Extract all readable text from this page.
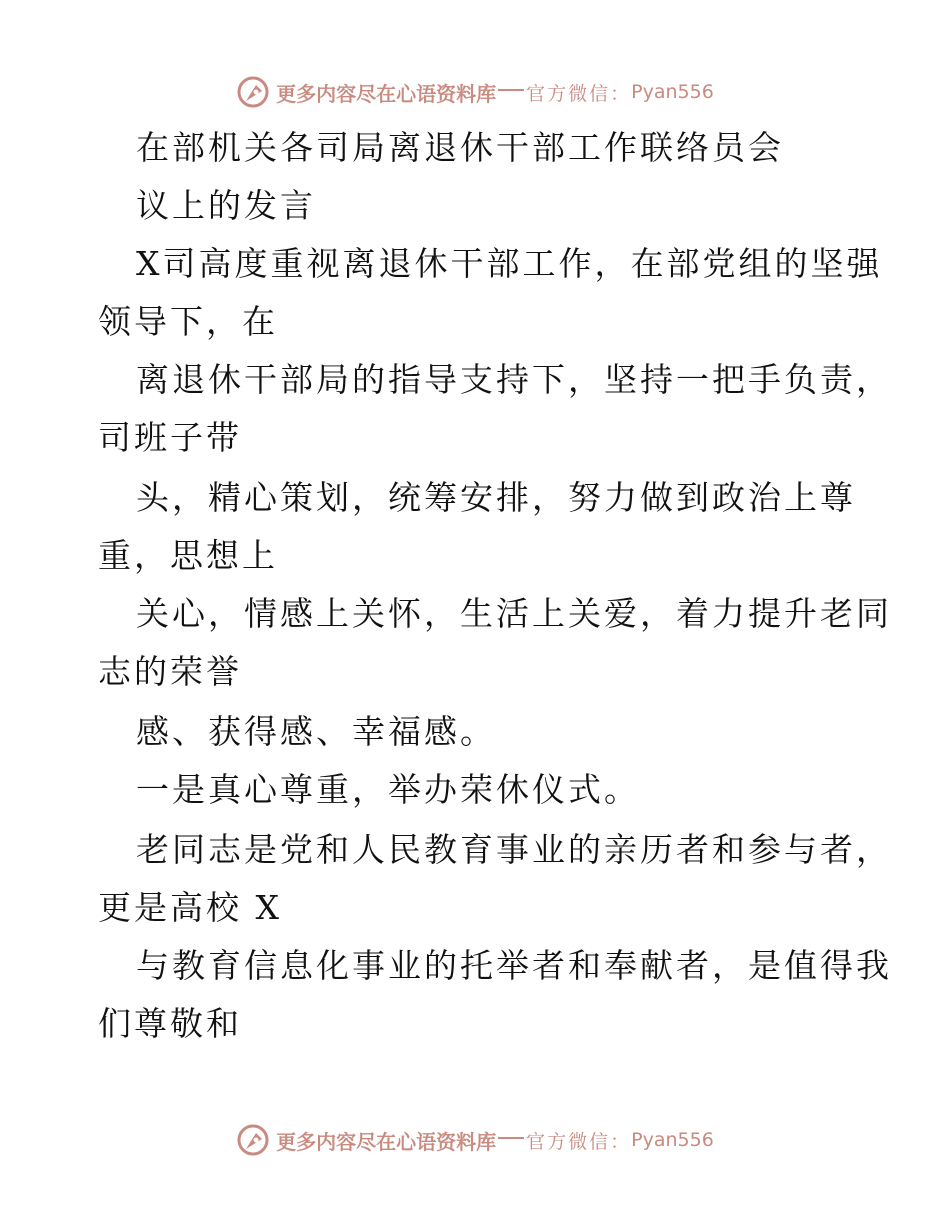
更多内容尽在心语资料库 官方微信： Pyan556
在部机关各司局离退休干部工作联络员会
议上的发言
X司高度重视离退休干部工作，在部党组的坚强
领导下，在
离退休干部局的指导支持下，坚持一把手负责，
司班子带
头，精心策划，统筹安排，努力做到政治上尊
重，思想上
关心，情感上关怀，生活上关爱，着力提升老同
志的荣誉
感、获得感、幸福感。
一是真心尊重，举办荣休仪式。
老同志是党和人民教育事业的亲历者和参与者，
更是高校 X
与教育信息化事业的托举者和奉献者，是值得我
们尊敬和
更多内容尽在心语资料库 官方微信： Pyan556
